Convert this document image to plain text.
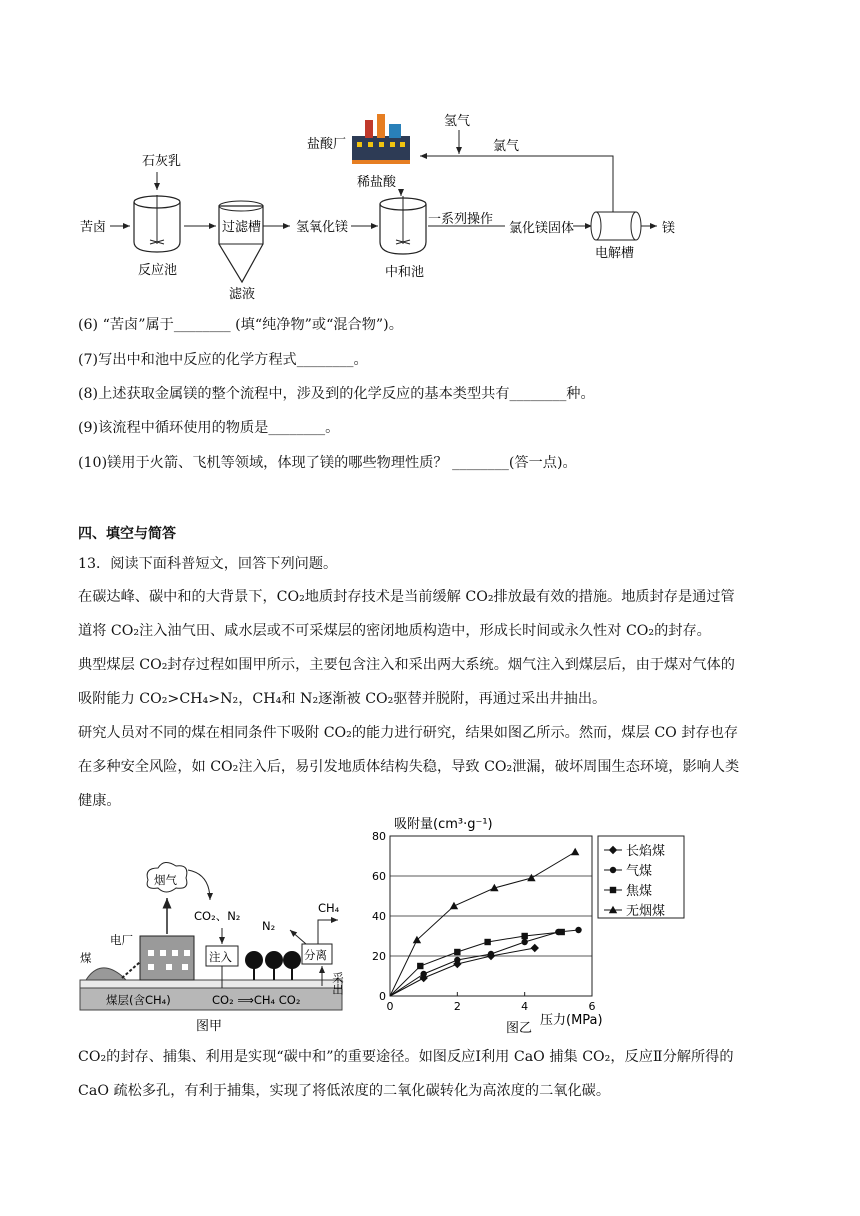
石灰乳
苦卤
反应池
过滤槽
滤液
氢氧化镁
盐酸厂
稀盐酸
氢气
氯气
中和池
一系列操作
氯化镁固体
电解槽
镁
(6) “苦卤”属于________ (填“纯净物”或“混合物”)。
(7)写出中和池中反应的化学方程式________。
(8)上述获取金属镁的整个流程中，涉及到的化学反应的基本类型共有________种。
(9)该流程中循环使用的物质是________。
(10)镁用于火箭、飞机等领域，体现了镁的哪些物理性质？ ________(答一点)。
四、填空与简答
13．阅读下面科普短文，回答下列问题。
在碳达峰、碳中和的大背景下，CO₂地质封存技术是当前缓解 CO₂排放最有效的措施。地质封存是通过管
道将 CO₂注入油气田、咸水层或不可采煤层的密闭地质构造中，形成长时间或永久性对 CO₂的封存。
典型煤层 CO₂封存过程如围甲所示，主要包含注入和采出两大系统。烟气注入到煤层后，由于煤对气体的
吸附能力 CO₂>CH₄>N₂，CH₄和 N₂逐渐被 CO₂驱替并脱附，再通过采出井抽出。
研究人员对不同的煤在相同条件下吸附 CO₂的能力进行研究，结果如图乙所示。然而，煤层 CO 封存也存
在多种安全风险，如 CO₂注入后，易引发地质体结构失稳，导致 CO₂泄漏，破坏周围生态环境，影响人类
健康。
煤层(含CH₄)	CO₂ ⟹CH₄ CO₂
煤
电厂
烟气
CO₂、N₂
注入	分离
采出
N₂
CH₄
图甲
吸附量(cm³·g⁻¹)
压力(MPa)
图乙
0
20
40
60
80
0	2	4	6
长焰煤
气煤
焦煤
无烟煤
CO₂的封存、捕集、利用是实现“碳中和”的重要途径。如图反应Ⅰ利用 CaO 捕集 CO₂，反应Ⅱ分解所得的
CaO 疏松多孔，有利于捕集，实现了将低浓度的二氧化碳转化为高浓度的二氧化碳。
